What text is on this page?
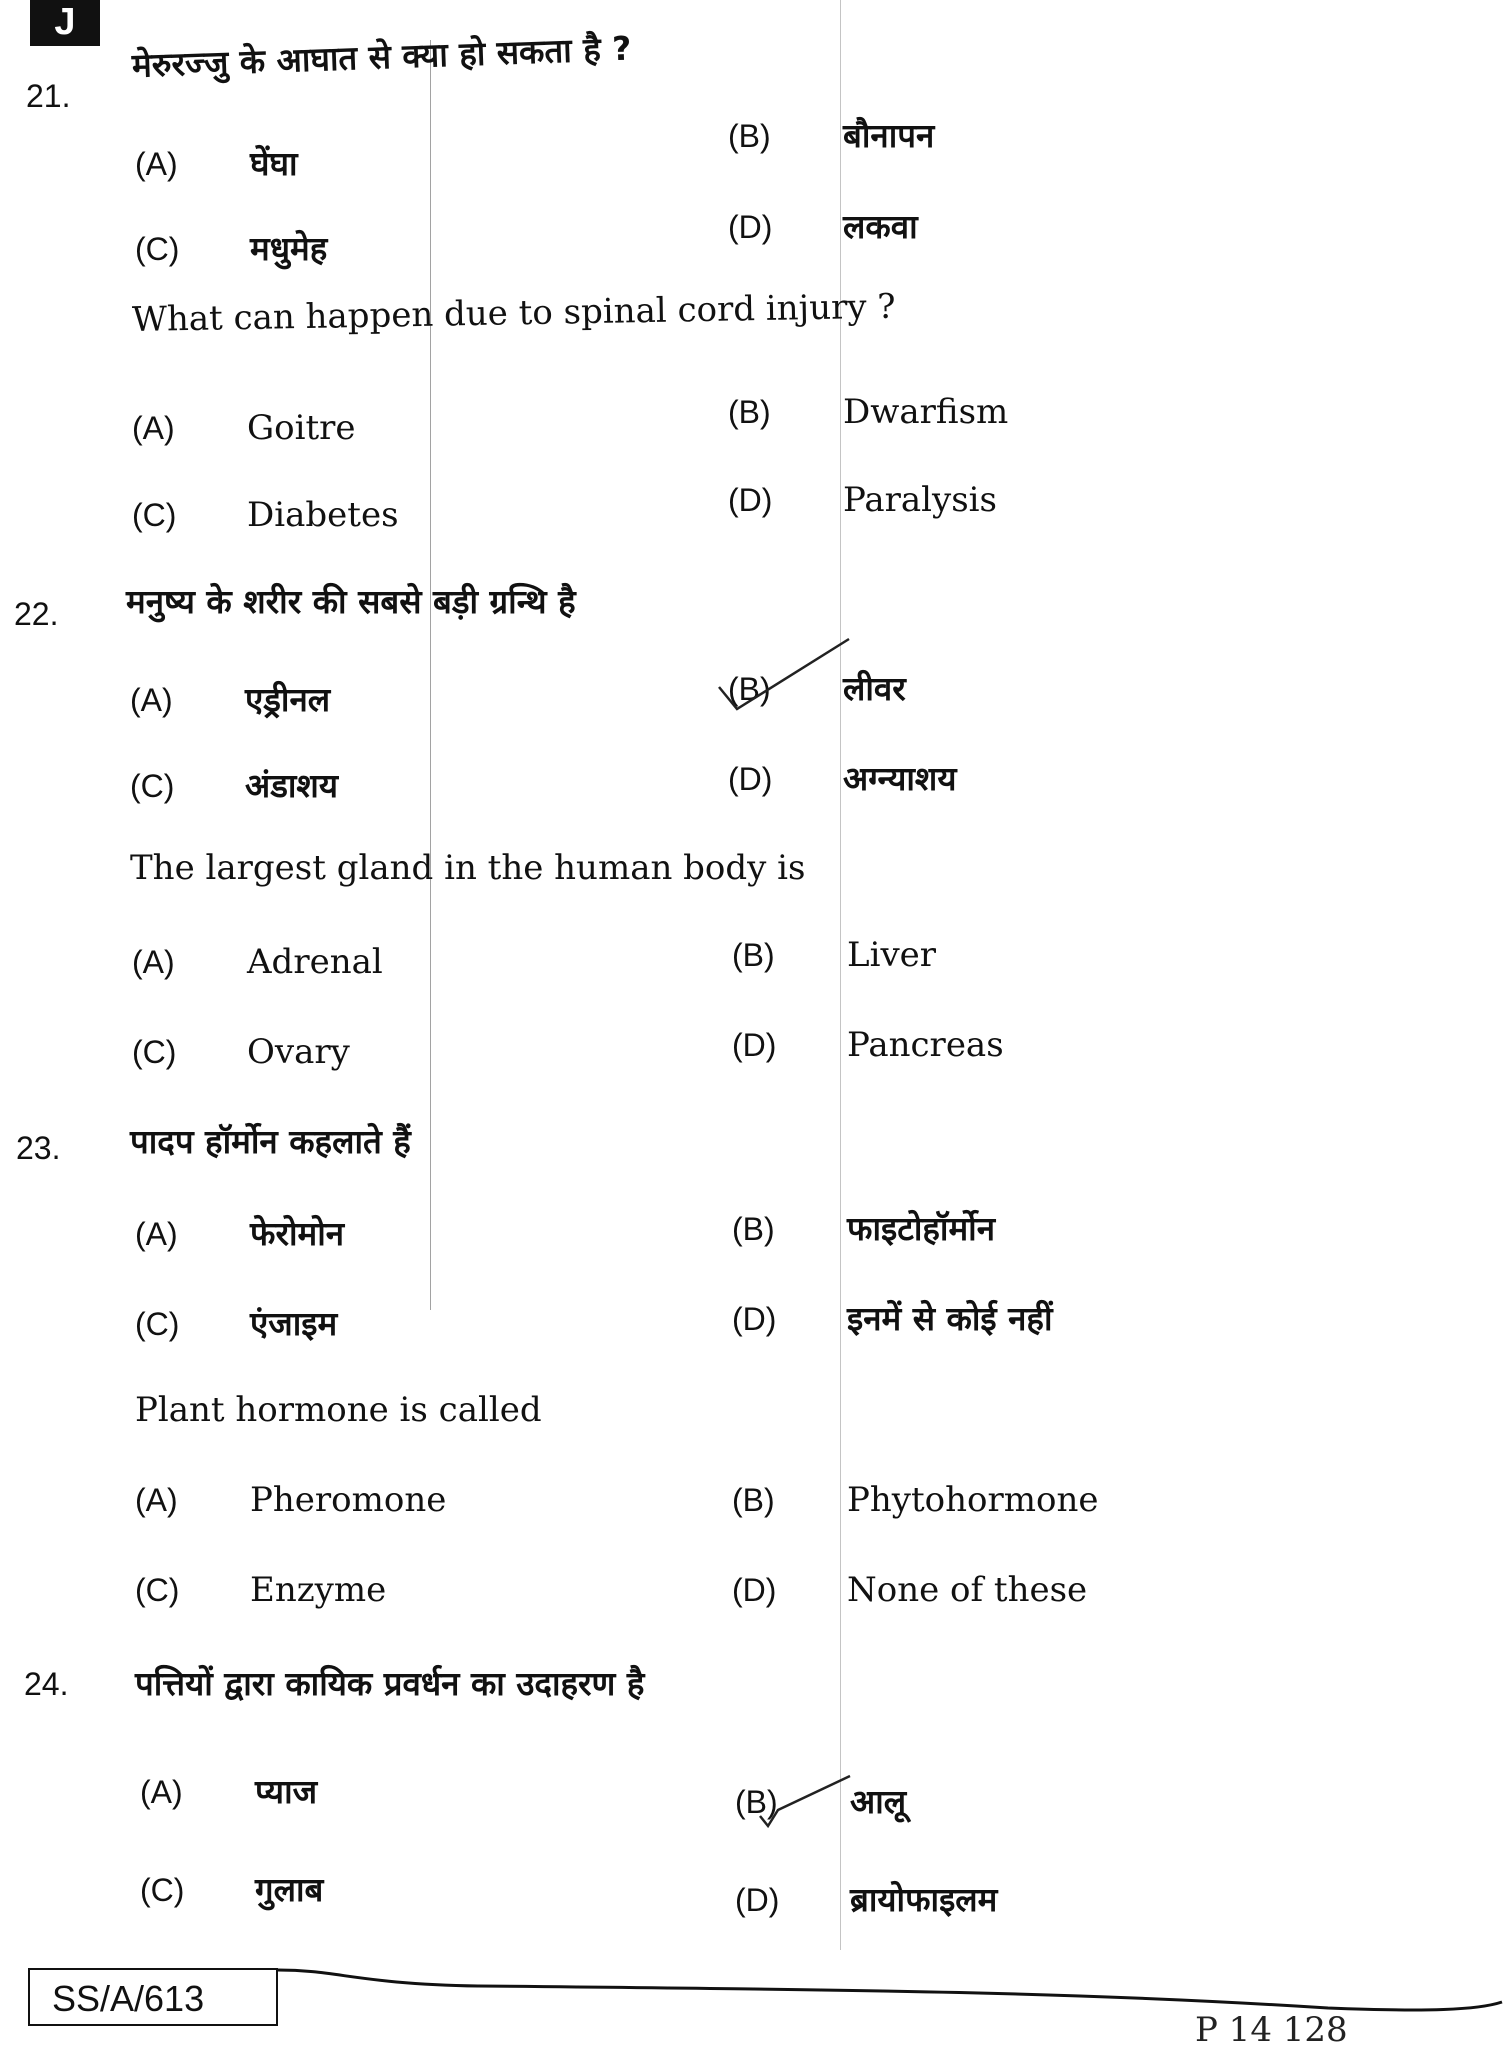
J
21.
मेरुरज्जु के आघात से क्या हो सकता है ?
(A)	घेंघा
(B)	बौनापन
(C)	मधुमेह
(D)	लकवा
What can happen due to spinal cord injury ?
(A)	Goitre	(B)	Dwarfism
(C)	Diabetes	(D)	Paralysis
22. मनुष्य के शरीर की सबसे बड़ी ग्रन्थि है
(A)	एड्रीनल	(B)	लीवर
(C)	अंडाशय	(D)	अग्न्याशय
The largest gland in the human body is
(A)	Adrenal	(B)	Liver
(C)	Ovary	(D)	Pancreas
23. पादप हॉर्मोन कहलाते हैं
(A)	फेरोमोन	(B)	फाइटोहॉर्मोन
(C)	एंजाइम	(D)	इनमें से कोई नहीं
Plant hormone is called
(A)	Pheromone	(B)	Phytohormone
(C)	Enzyme	(D)	None of these
24. पत्तियों द्वारा कायिक प्रवर्धन का उदाहरण है
(A)	प्याज	(B)	आलू
(C)	गुलाब	(D)	ब्रायोफाइलम
SS/A/613
P 14 128
